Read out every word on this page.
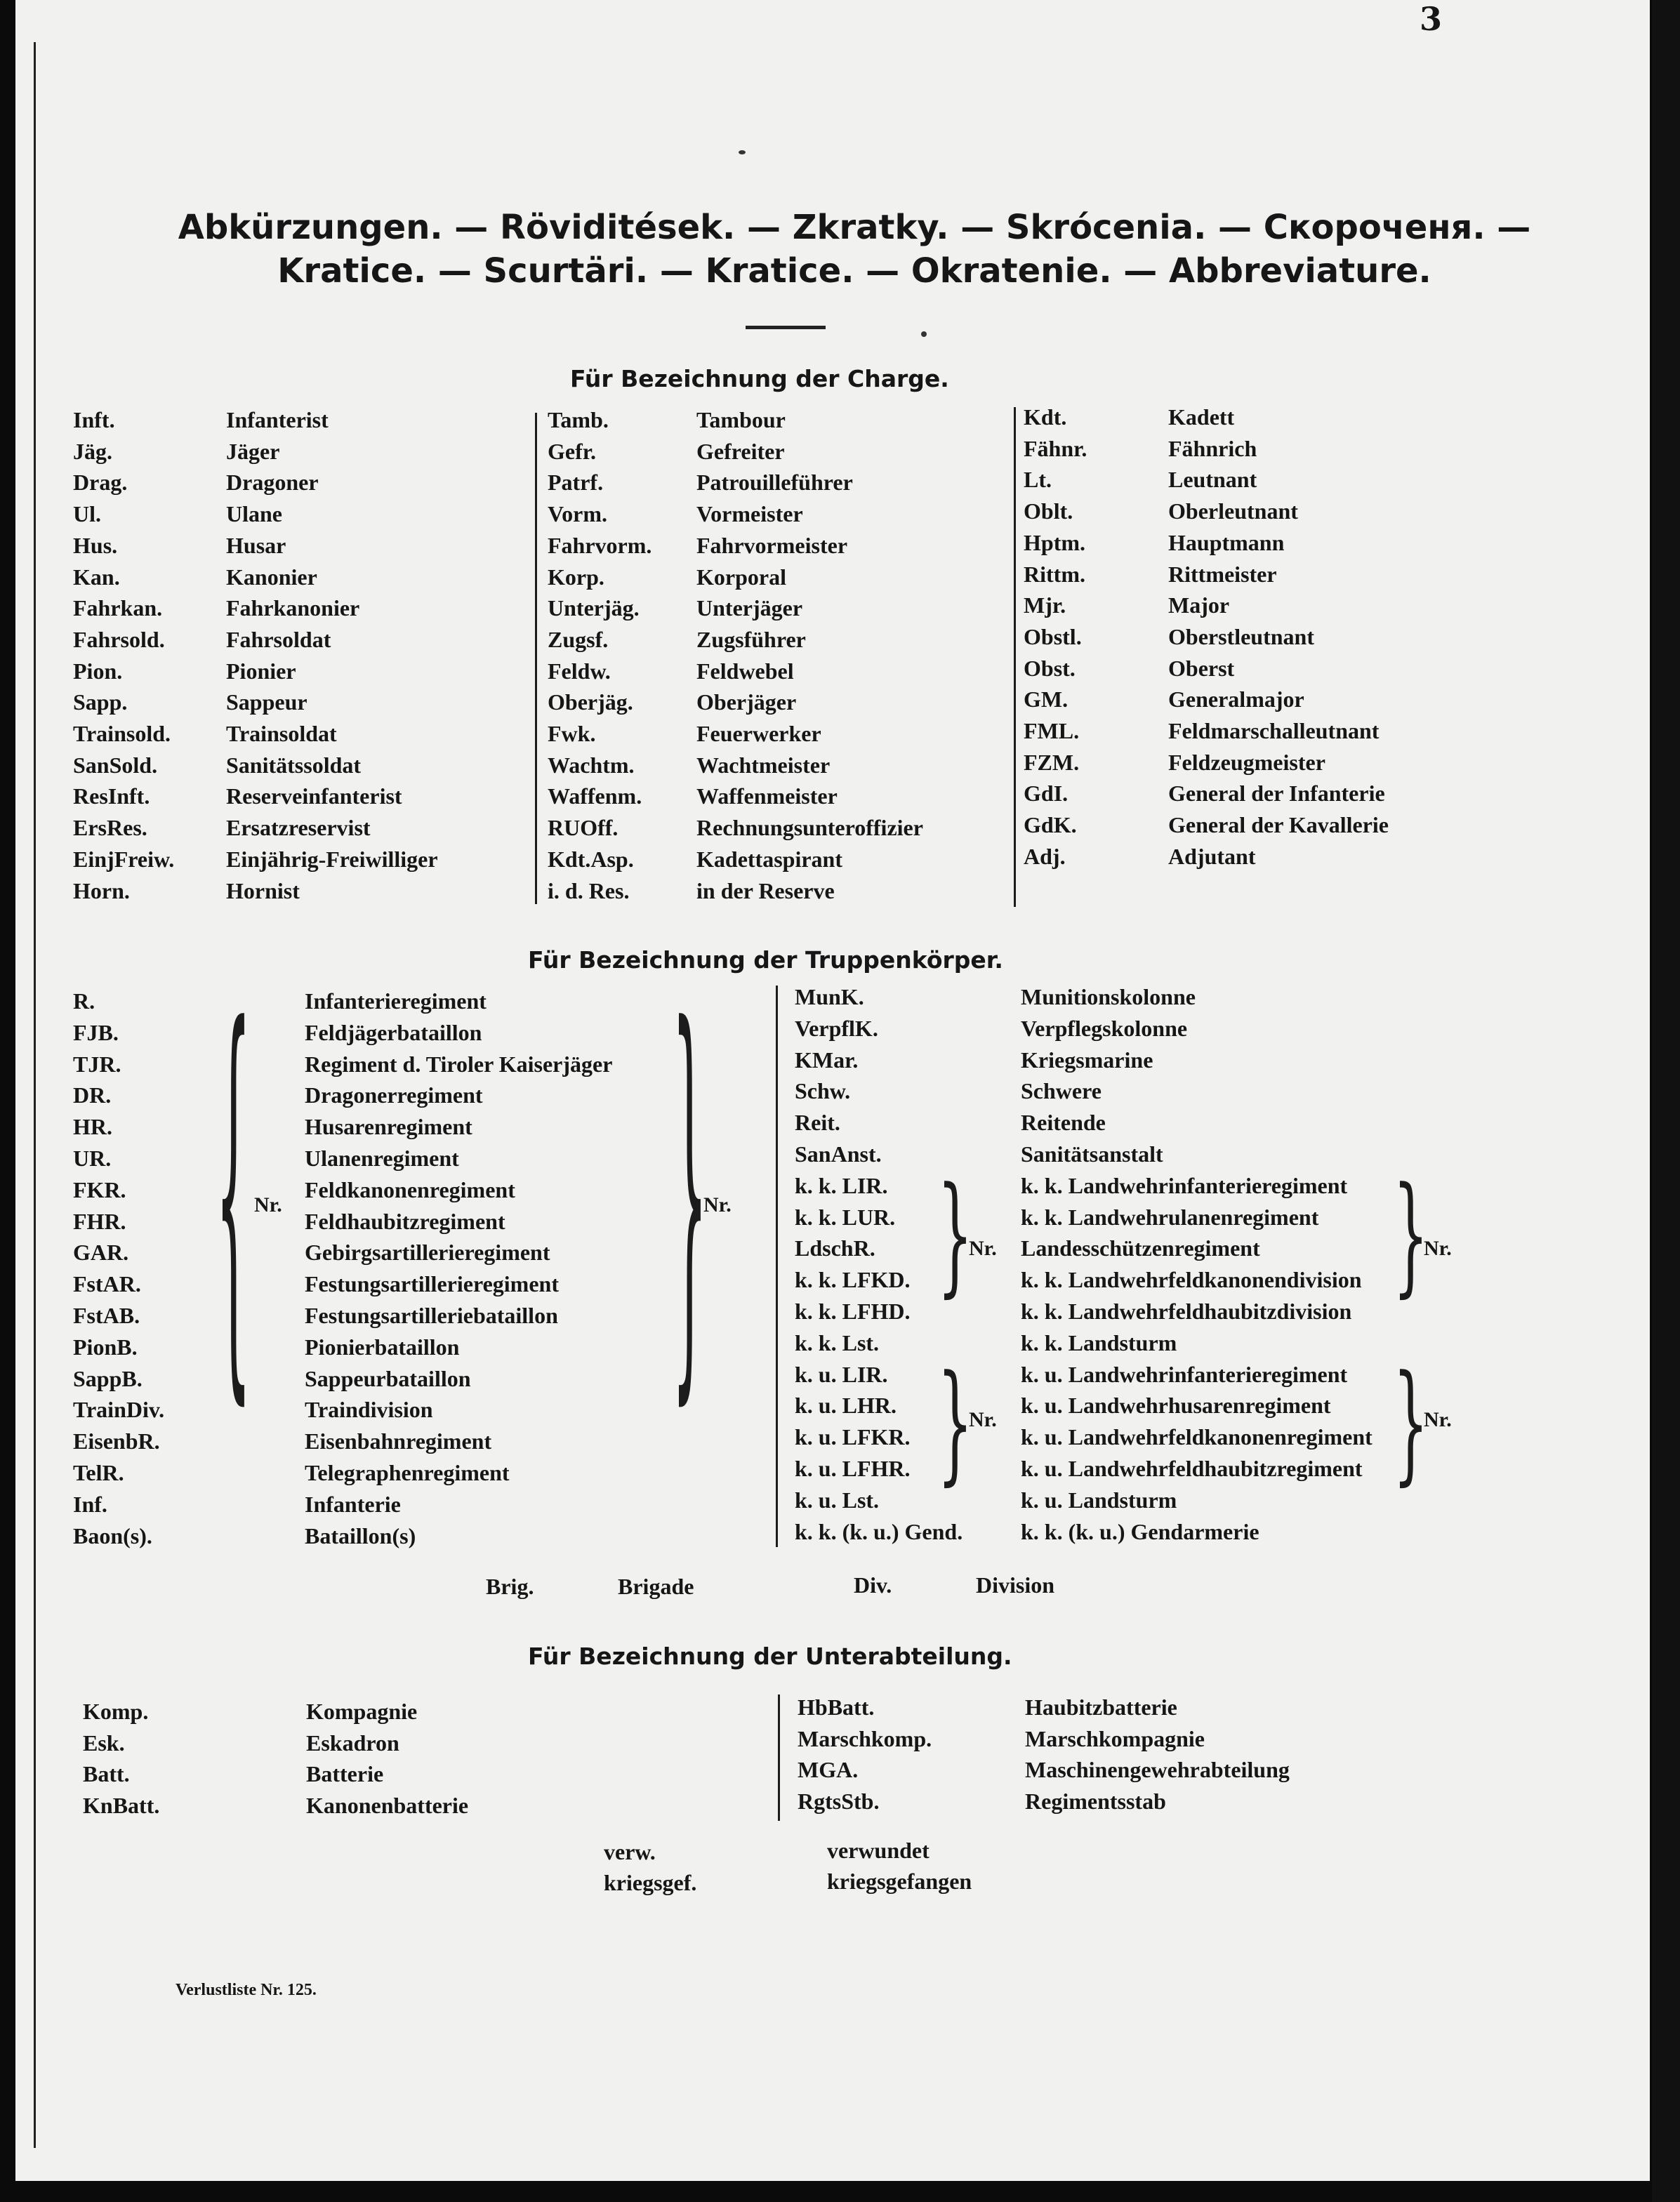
3
Abkürzungen. — Röviditések. — Zkratky. — Skrócenia. — Скороченя. —
Kratice. — Scurtäri. — Kratice. — Okratenie. — Abbreviature.
Für Bezeichnung der Charge.
Inft.	Infanterist
Jäg.	Jäger
Drag.	Dragoner
Ul.	Ulane
Hus.	Husar
Kan.	Kanonier
Fahrkan.	Fahrkanonier
Fahrsold.	Fahrsoldat
Pion.	Pionier
Sapp.	Sappeur
Trainsold. Trainsoldat
SanSold.	Sanitätssoldat
ResInft.	Reserveinfanterist
ErsRes.	Ersatzreservist
EinjFreiw. Einjährig-Freiwilliger
Horn.	Hornist
Tamb.	Tambour
Gefr.	Gefreiter
Patrf.	Patrouilleführer
Vorm.	Vormeister
Fahrvorm. Fahrvormeister
Korp.	Korporal
Unterjäg.	Unterjäger
Zugsf.	Zugsführer
Feldw.	Feldwebel
Oberjäg.	Oberjäger
Fwk.	Feuerwerker
Wachtm.	Wachtmeister
Waffenm. Waffenmeister
RUOff.	Rechnungsunteroffizier
Kdt.Asp.	Kadettaspirant
i. d. Res.	in der Reserve
Kdt.	Kadett
Fähnr.	Fähnrich
Lt.	Leutnant
Oblt.	Oberleutnant
Hptm.	Hauptmann
Rittm.	Rittmeister
Mjr.	Major
Obstl.	Oberstleutnant
Obst.	Oberst
GM.	Generalmajor
FML.	Feldmarschalleutnant
FZM.	Feldzeugmeister
GdI.	General der Infanterie
GdK.	General der Kavallerie
Adj.	Adjutant
Für Bezeichnung der Truppenkörper.
R.	Infanterieregiment
FJB.	Feldjägerbataillon
TJR.	Regiment d. Tiroler Kaiserjäger
DR.	Dragonerregiment
HR.	Husarenregiment
UR.	Ulanenregiment
FKR.	Feldkanonenregiment
FHR.	Feldhaubitzregiment
GAR.	Gebirgsartillerieregiment
FstAR.	Festungsartillerieregiment
FstAB.	Festungsartilleriebataillon
PionB.	Pionierbataillon
SappB.	Sappeurbataillon
TrainDiv.	Traindivision
EisenbR.	Eisenbahnregiment
TelR.	Telegraphenregiment
Inf.	Infanterie
Baon(s).	Bataillon(s)
MunK.	Munitionskolonne
VerpflK.	Verpflegskolonne
KMar.	Kriegsmarine
Schw.	Schwere
Reit.	Reitende
SanAnst.	Sanitätsanstalt
k. k. LIR.	k. k. Landwehrinfanterieregiment
k. k. LUR.	k. k. Landwehrulanenregiment
LdschR.	Landesschützenregiment
k. k. LFKD.	k. k. Landwehrfeldkanonendivision
k. k. LFHD.	k. k. Landwehrfeldhaubitzdivision
k. k. Lst.	k. k. Landsturm
k. u. LIR.	k. u. Landwehrinfanterieregiment
k. u. LHR.	k. u. Landwehrhusarenregiment
k. u. LFKR.	k. u. Landwehrfeldkanonenregiment
k. u. LFHR.	k. u. Landwehrfeldhaubitzregiment
k. u. Lst.	k. u. Landsturm
k. k. (k. u.) Gend.	k. k. (k. u.) Gendarmerie
{ Nr.	}
Nr.	}
Nr.
}
Nr.
}
Nr.
}
Nr.
Brig.	Brigade	Div.	Division
Für Bezeichnung der Unterabteilung.
Komp.	Kompagnie
Esk.	Eskadron
Batt.	Batterie
KnBatt.	Kanonenbatterie
HbBatt.	Haubitzbatterie
Marschkomp.	Marschkompagnie
MGA.	Maschinengewehrabteilung
RgtsStb.	Regimentsstab
verw.	verwundet
kriegsgef.	kriegsgefangen
Verlustliste Nr. 125.
